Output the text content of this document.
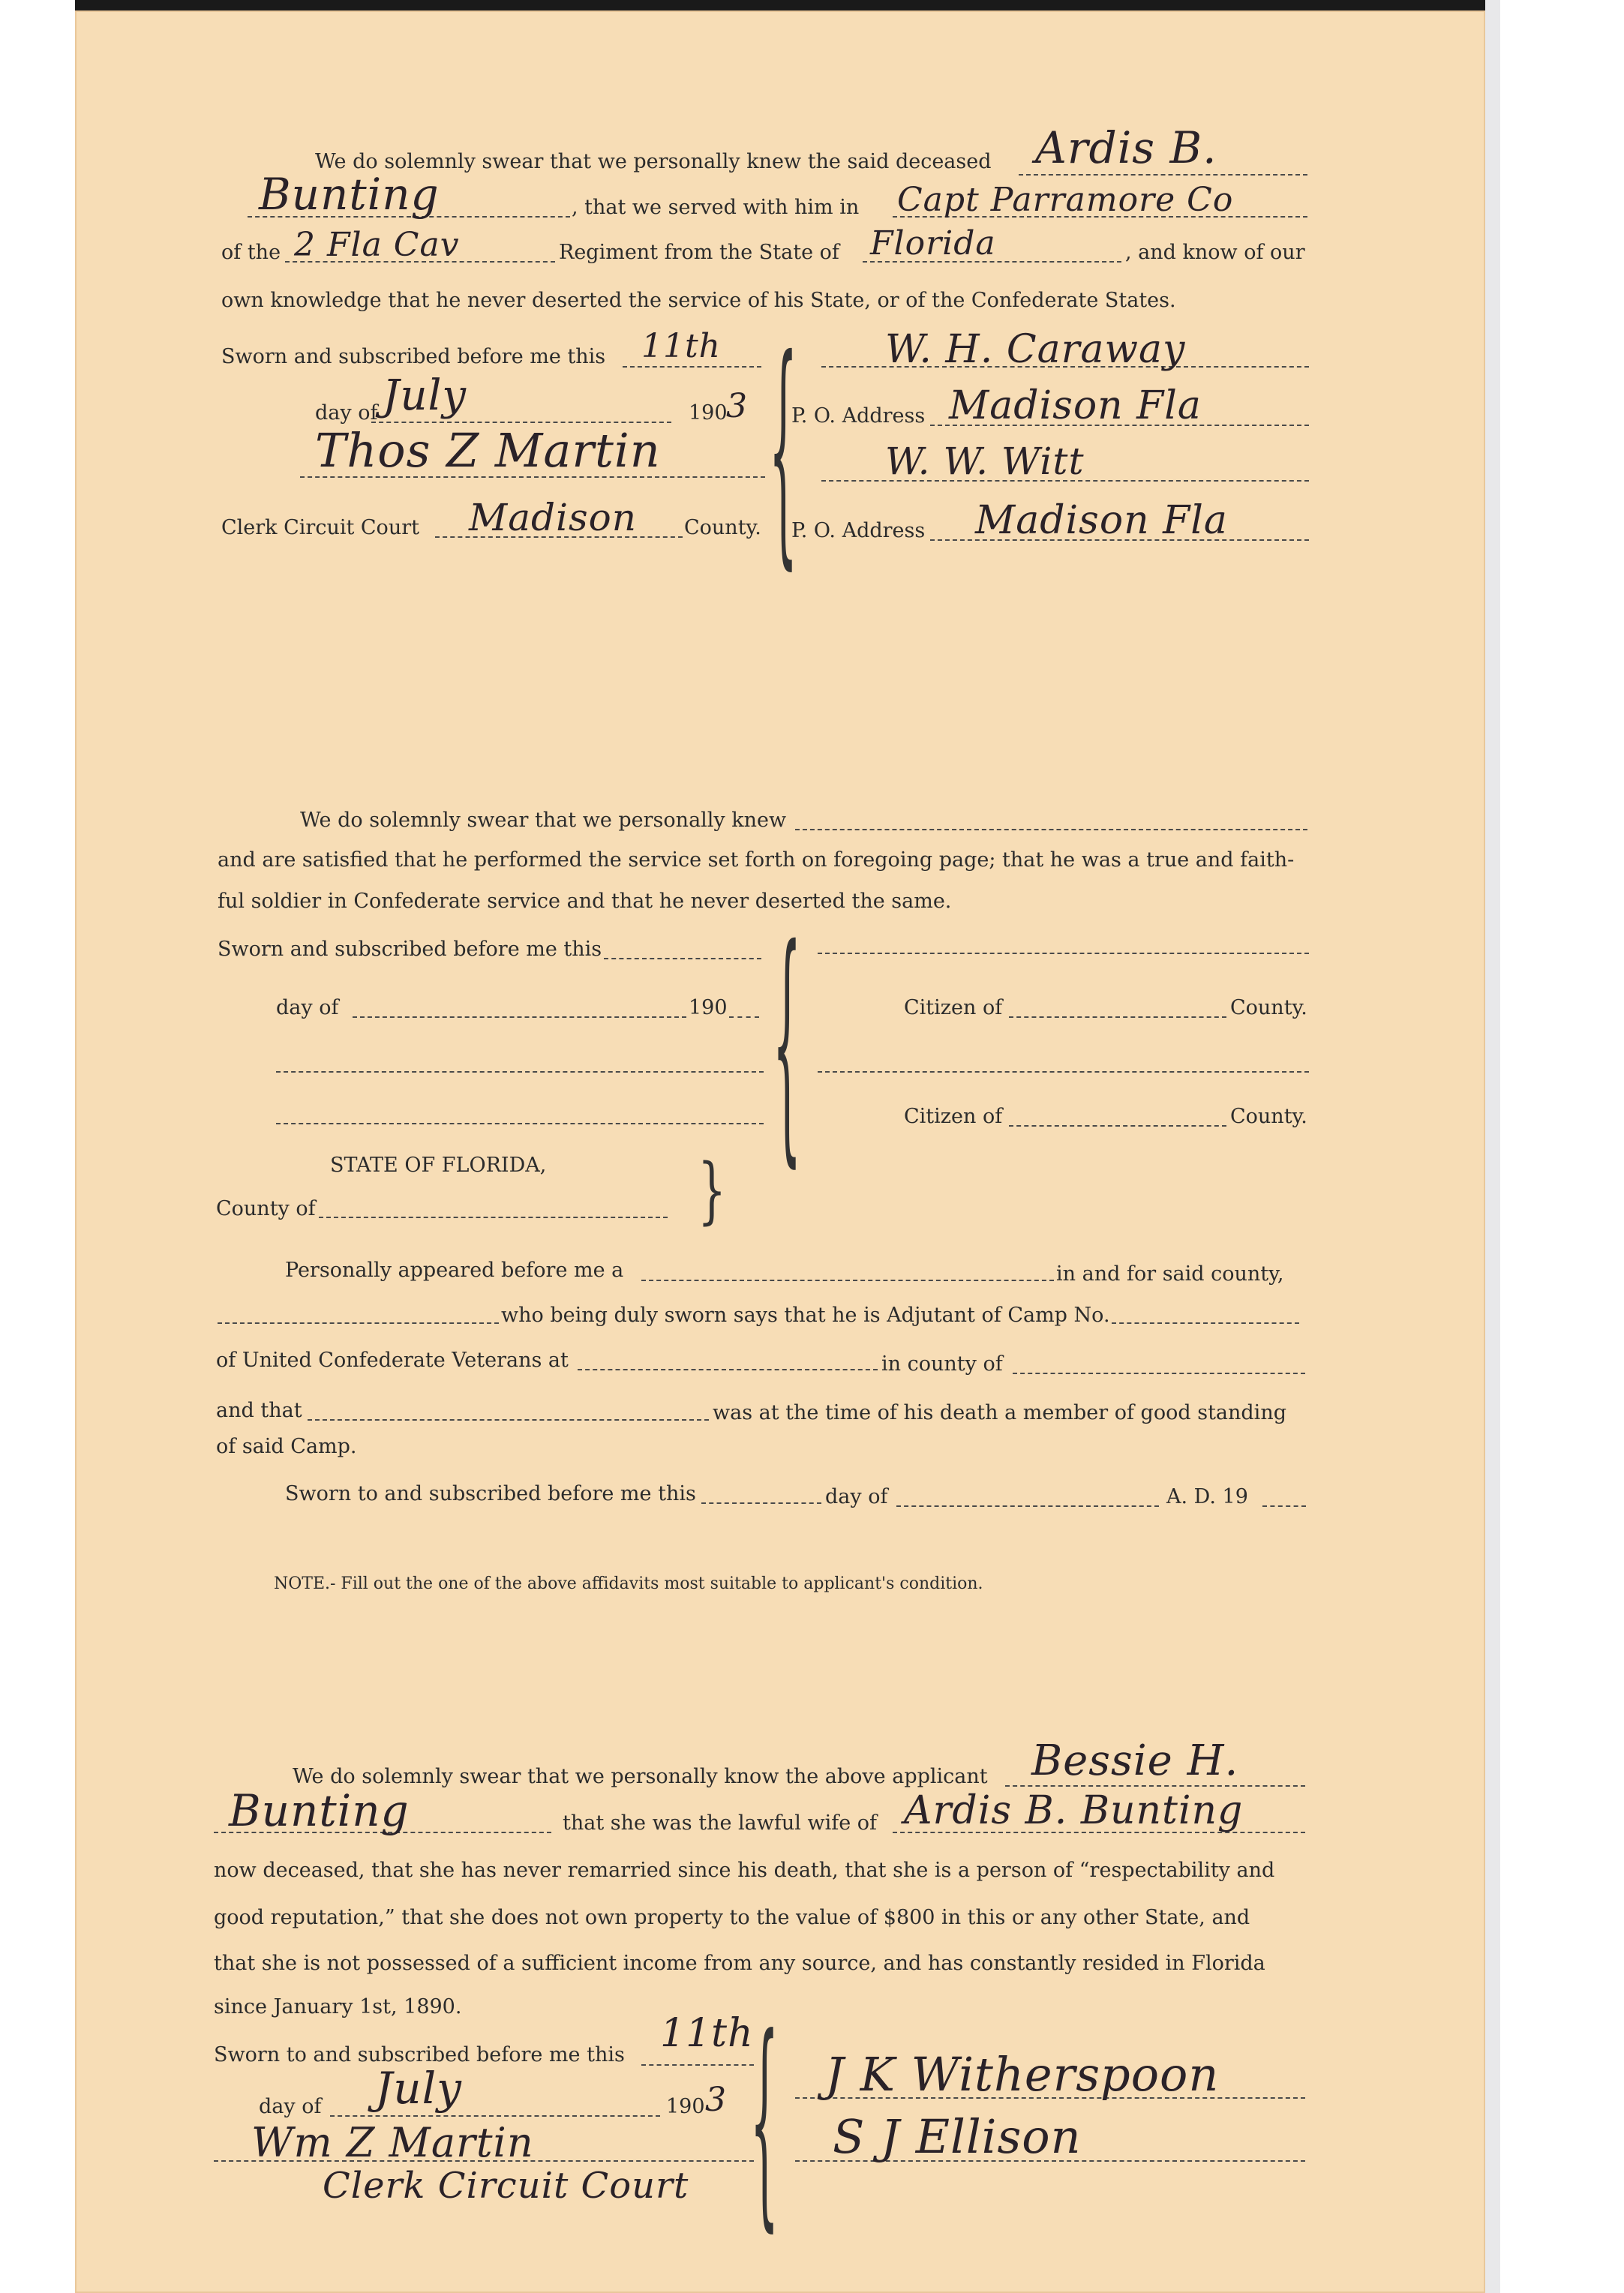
We do solemnly swear that we personally knew the said deceased Ardis B.
Bunting	, that we served with him in Capt Parramore Co
of the 2 Fla Cav	Regiment from the State of Florida	, and know of our
own knowledge that he never deserted the service of his State, or of the Confederate States.
Sworn and subscribed before me this 11th
day of July	190
3
Thos Z Martin
Clerk Circuit Court Madison County. { W. H. Caraway
P. O. Address Madison Fla
W. W. Witt
P. O. Address Madison Fla
We do solemnly swear that we personally knew
and are satisfied that he performed the service set forth on foregoing page; that he was a true and faith-
ful soldier in Confederate service and that he never deserted the same.
Sworn and subscribed before me this
day of	190 {	Citizen of	County.
Citizen of	County.
STATE OF FLORIDA,
County of	}
Personally appeared before me a	in and for said county,
who being duly sworn says that he is Adjutant of Camp No.
of United Confederate Veterans at	in county of
and that	was at the time of his death a member of good standing
of said Camp.
Sworn to and subscribed before me this	day of	A. D. 19
NOTE. - Fill out the one of the above affidavits most suitable to applicant's condition.
We do solemnly swear that we personally know the above applicant Bessie H.
Bunting	that she was the lawful wife of Ardis B. Bunting
now deceased, that she has never remarried since his death, that she is a person of “respectability and
good reputation,” that she does not own property to the value of $800 in this or any other State, and
that she is not possessed of a sufficient income from any source, and has constantly resided in Florida
since January 1st, 1890.
Sworn to and subscribed before me this 11th
day of July	190 3
Wm Z Martin
Clerk Circuit Court { J K Witherspoon
S J Ellison
